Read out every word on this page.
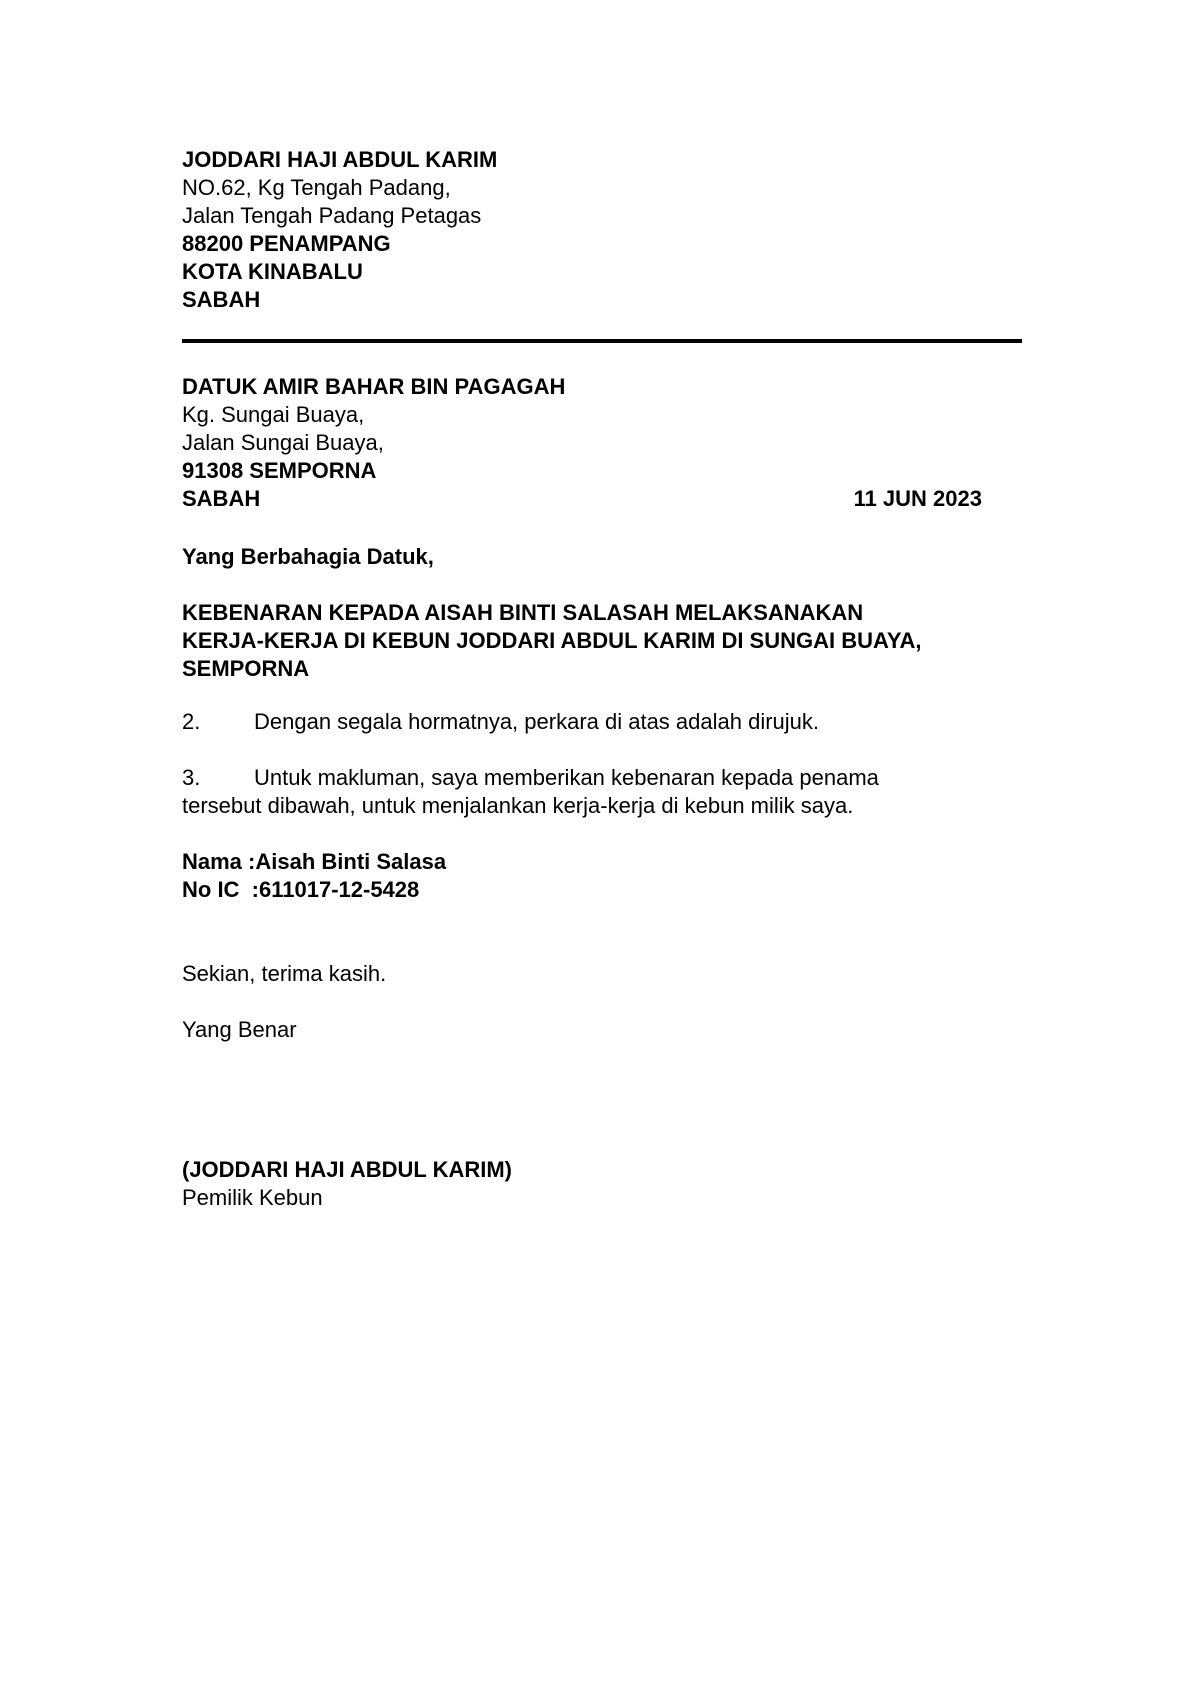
JODDARI HAJI ABDUL KARIM
NO.62, Kg Tengah Padang,
Jalan Tengah Padang Petagas
88200 PENAMPANG
KOTA KINABALU
SABAH
DATUK AMIR BAHAR BIN PAGAGAH
Kg. Sungai Buaya,
Jalan Sungai Buaya,
91308 SEMPORNA
SABAH	11 JUN 2023
Yang Berbahagia Datuk,
KEBENARAN KEPADA AISAH BINTI SALASAH MELAKSANAKAN
KERJA-KERJA DI KEBUN JODDARI ABDUL KARIM DI SUNGAI BUAYA,
SEMPORNA
2. Dengan segala hormatnya, perkara di atas adalah dirujuk.
3. Untuk makluman, saya memberikan kebenaran kepada penama
tersebut dibawah, untuk menjalankan kerja-kerja di kebun milik saya.
Nama :Aisah Binti Salasa
No IC  :611017-12-5428
Sekian, terima kasih.
Yang Benar
(JODDARI HAJI ABDUL KARIM)
Pemilik Kebun
